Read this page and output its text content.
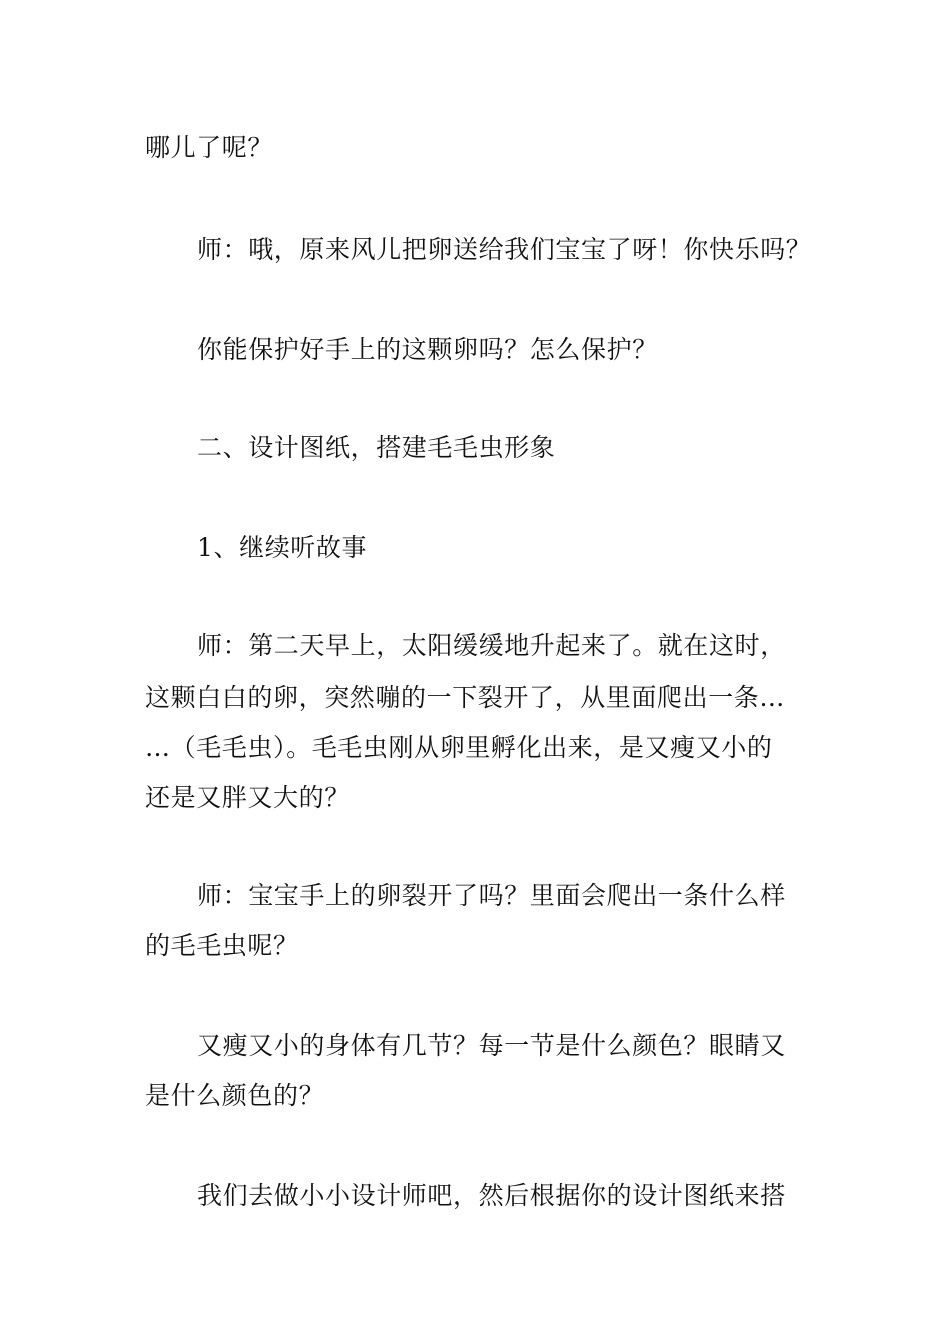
哪儿了呢？
师：哦，原来风儿把卵送给我们宝宝了呀！你快乐吗？
你能保护好手上的这颗卵吗？怎么保护？
二、设计图纸，搭建毛毛虫形象
1、继续听故事
师：第二天早上，太阳缓缓地升起来了。就在这时，
这颗白白的卵，突然嘣的一下裂开了，从里面爬出一条…
…（毛毛虫）。毛毛虫刚从卵里孵化出来，是又瘦又小的
还是又胖又大的？
师：宝宝手上的卵裂开了吗？里面会爬出一条什么样
的毛毛虫呢？
又瘦又小的身体有几节？每一节是什么颜色？眼睛又
是什么颜色的？
我们去做小小设计师吧，然后根据你的设计图纸来搭
